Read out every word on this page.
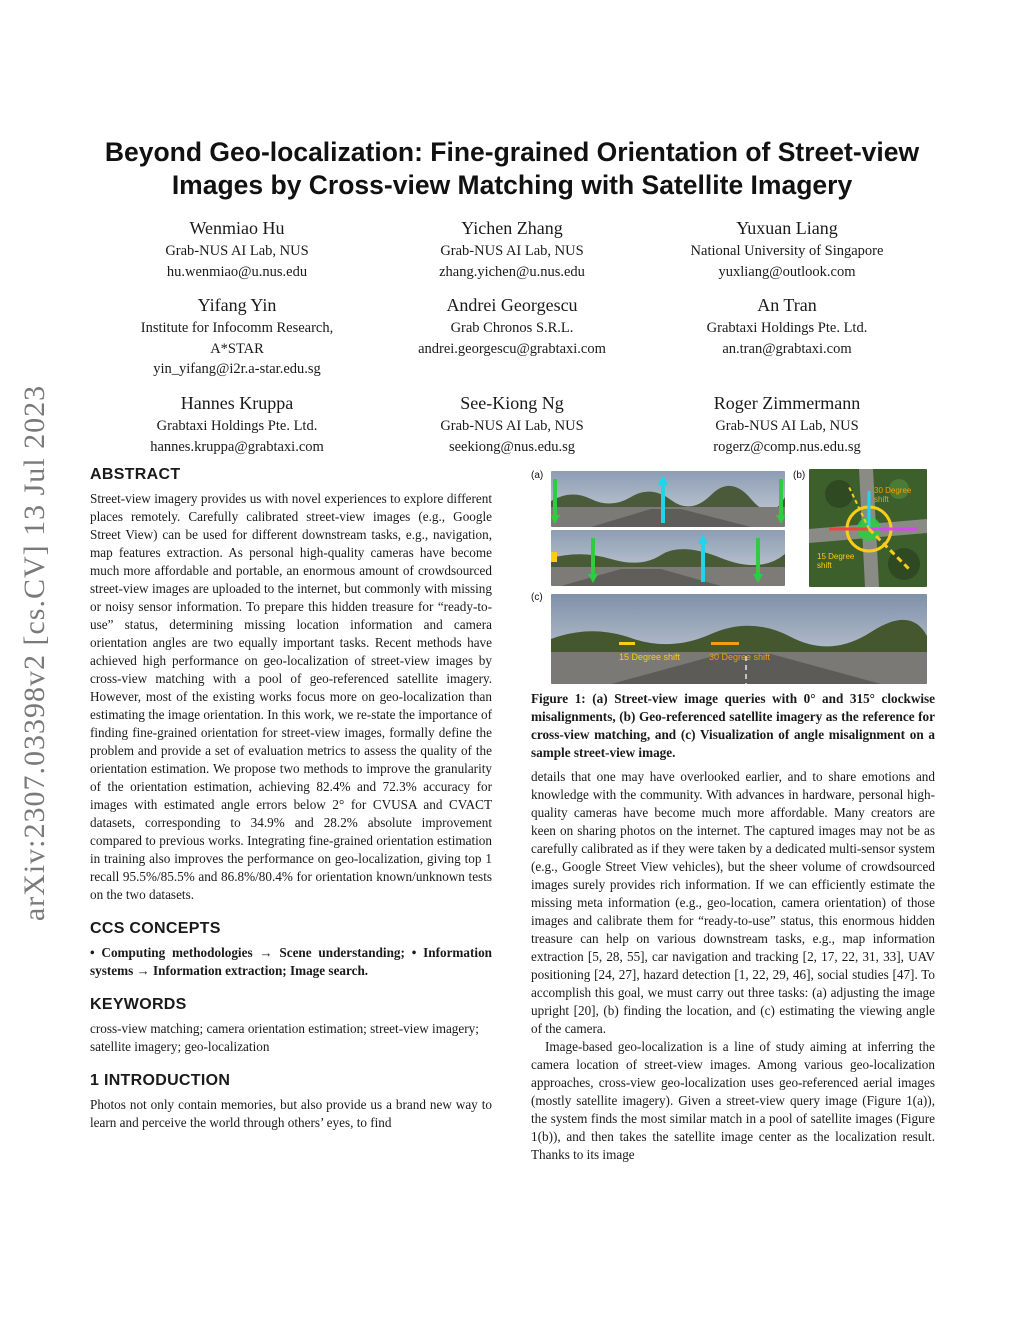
arXiv:2307.03398v2 [cs.CV] 13 Jul 2023
Beyond Geo-localization: Fine-grained Orientation of Street-view Images by Cross-view Matching with Satellite Imagery
Wenmiao Hu
Grab-NUS AI Lab, NUS
hu.wenmiao@u.nus.edu
Yichen Zhang
Grab-NUS AI Lab, NUS
zhang.yichen@u.nus.edu
Yuxuan Liang
National University of Singapore
yuxliang@outlook.com
Yifang Yin
Institute for Infocomm Research,
A*STAR
yin_yifang@i2r.a-star.edu.sg
Andrei Georgescu
Grab Chronos S.R.L.
andrei.georgescu@grabtaxi.com
An Tran
Grabtaxi Holdings Pte. Ltd.
an.tran@grabtaxi.com
Hannes Kruppa
Grabtaxi Holdings Pte. Ltd.
hannes.kruppa@grabtaxi.com
See-Kiong Ng
Grab-NUS AI Lab, NUS
seekiong@nus.edu.sg
Roger Zimmermann
Grab-NUS AI Lab, NUS
rogerz@comp.nus.edu.sg
ABSTRACT

Street-view imagery provides us with novel experiences to explore different places remotely. Carefully calibrated street-view images (e.g., Google Street View) can be used for different downstream tasks, e.g., navigation, map features extraction. As personal high-quality cameras have become much more affordable and portable, an enormous amount of crowdsourced street-view images are uploaded to the internet, but commonly with missing or noisy sensor information. To prepare this hidden treasure for “ready-to-use” status, determining missing location information and camera orientation angles are two equally important tasks. Recent methods have achieved high performance on geo-localization of street-view images by cross-view matching with a pool of geo-referenced satellite imagery. However, most of the existing works focus more on geo-localization than estimating the image orientation. In this work, we re-state the importance of finding fine-grained orientation for street-view images, formally define the problem and provide a set of evaluation metrics to assess the quality of the orientation estimation. We propose two methods to improve the granularity of the orientation estimation, achieving 82.4% and 72.3% accuracy for images with estimated angle errors below 2° for CVUSA and CVACT datasets, corresponding to 34.9% and 28.2% absolute improvement compared to previous works. Integrating fine-grained orientation estimation in training also improves the performance on geo-localization, giving top 1 recall 95.5%/85.5% and 86.8%/80.4% for orientation known/unknown tests on the two datasets.

CCS CONCEPTS

• Computing methodologies → Scene understanding; • Information systems → Information extraction; Image search.

KEYWORDS

cross-view matching; camera orientation estimation; street-view imagery; satellite imagery; geo-localization

1 INTRODUCTION

Photos not only contain memories, but also provide us a brand new way to learn and perceive the world through others’ eyes, to find

(a)	(b)
(c)
30 Degree shift
15 Degree shift
15 Degree shift	30 Degree shift
Figure 1: (a) Street-view image queries with 0° and 315° clockwise misalignments, (b) Geo-referenced satellite imagery as the reference for cross-view matching, and (c) Visualization of angle misalignment on a sample street-view image.

details that one may have overlooked earlier, and to share emotions and knowledge with the community. With advances in hardware, personal high-quality cameras have become much more affordable. Many creators are keen on sharing photos on the internet. The captured images may not be as carefully calibrated as if they were taken by a dedicated multi-sensor system (e.g., Google Street View vehicles), but the sheer volume of crowdsourced images surely provides rich information. If we can efficiently estimate the missing meta information (e.g., geo-location, camera orientation) of those images and calibrate them for “ready-to-use” status, this enormous hidden treasure can help on various downstream tasks, e.g., map information extraction [5, 28, 55], car navigation and tracking [2, 17, 22, 31, 33], UAV positioning [24, 27], hazard detection [1, 22, 29, 46], social studies [47]. To accomplish this goal, we must carry out three tasks: (a) adjusting the image upright [20], (b) finding the location, and (c) estimating the viewing angle of the camera.

Image-based geo-localization is a line of study aiming at inferring the camera location of street-view images. Among various geo-localization approaches, cross-view geo-localization uses geo-referenced aerial images (mostly satellite imagery). Given a street-view query image (Figure 1(a)), the system finds the most similar match in a pool of satellite images (Figure 1(b)), and then takes the satellite image center as the localization result. Thanks to its image
